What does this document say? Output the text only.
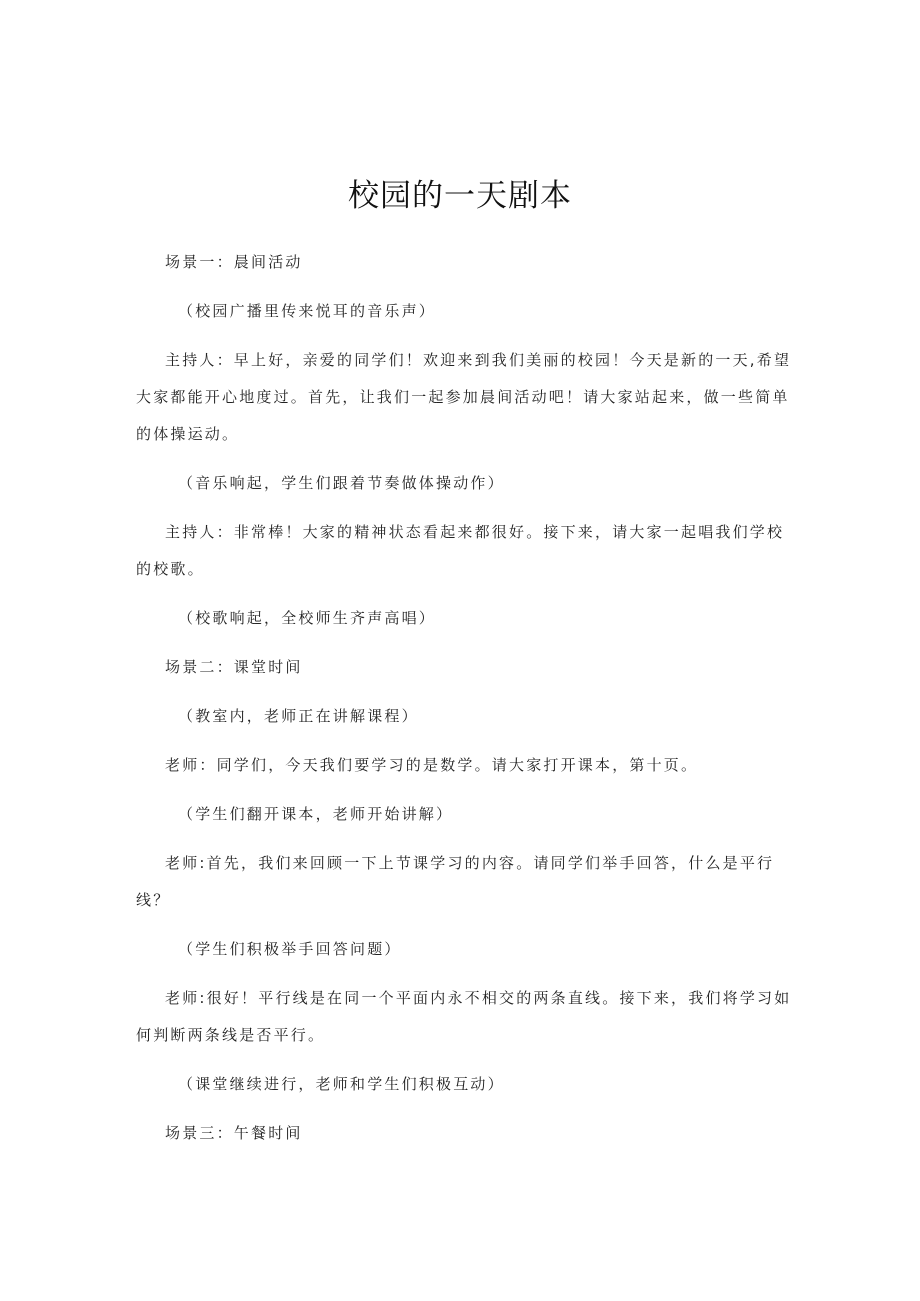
校园的一天剧本

场景一：晨间活动

（校园广播里传来悦耳的音乐声）

主持人：早上好，亲爱的同学们！欢迎来到我们美丽的校园！今天是新的一天,希望大家都能开心地度过。首先，让我们一起参加晨间活动吧！请大家站起来，做一些简单的体操运动。

（音乐响起，学生们跟着节奏做体操动作）

主持人：非常棒！大家的精神状态看起来都很好。接下来，请大家一起唱我们学校的校歌。

（校歌响起，全校师生齐声高唱）

场景二：课堂时间

（教室内，老师正在讲解课程）

老师：同学们，今天我们要学习的是数学。请大家打开课本，第十页。

（学生们翻开课本，老师开始讲解）

老师:首先，我们来回顾一下上节课学习的内容。请同学们举手回答，什么是平行线？

（学生们积极举手回答问题）

老师:很好！平行线是在同一个平面内永不相交的两条直线。接下来，我们将学习如何判断两条线是否平行。

（课堂继续进行，老师和学生们积极互动）

场景三：午餐时间
